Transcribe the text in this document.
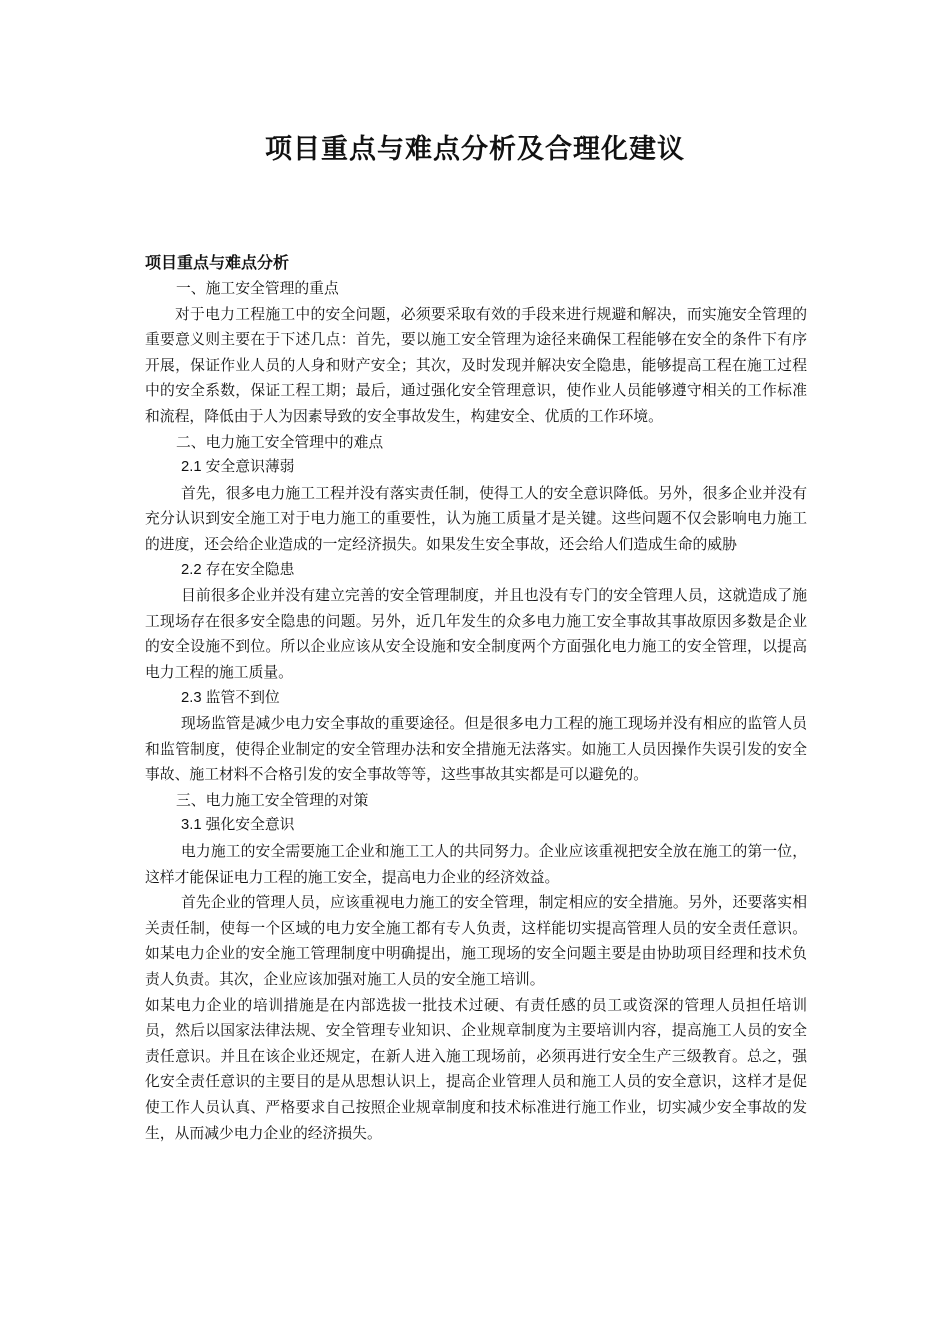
项目重点与难点分析及合理化建议

项目重点与难点分析

一、施工安全管理的重点

对于电力工程施工中的安全问题，必须要采取有效的手段来进行规避和解决，而实施安全管理的重要意义则主要在于下述几点：首先，要以施工安全管理为途径来确保工程能够在安全的条件下有序开展，保证作业人员的人身和财产安全；其次，及时发现并解决安全隐患，能够提高工程在施工过程中的安全系数，保证工程工期；最后，通过强化安全管理意识，使作业人员能够遵守相关的工作标准和流程，降低由于人为因素导致的安全事故发生，构建安全、优质的工作环境。

二、电力施工安全管理中的难点

2.1 安全意识薄弱

首先，很多电力施工工程并没有落实责任制，使得工人的安全意识降低。另外，很多企业并没有充分认识到安全施工对于电力施工的重要性，认为施工质量才是关键。这些问题不仅会影响电力施工的进度，还会给企业造成的一定经济损失。如果发生安全事故，还会给人们造成生命的威胁

2.2 存在安全隐患

目前很多企业并没有建立完善的安全管理制度，并且也没有专门的安全管理人员，这就造成了施工现场存在很多安全隐患的问题。另外，近几年发生的众多电力施工安全事故其事故原因多数是企业的安全设施不到位。所以企业应该从安全设施和安全制度两个方面强化电力施工的安全管理，以提高电力工程的施工质量。

2.3 监管不到位

现场监管是减少电力安全事故的重要途径。但是很多电力工程的施工现场并没有相应的监管人员和监管制度，使得企业制定的安全管理办法和安全措施无法落实。如施工人员因操作失误引发的安全事故、施工材料不合格引发的安全事故等等，这些事故其实都是可以避免的。

三、电力施工安全管理的对策

3.1 强化安全意识

电力施工的安全需要施工企业和施工工人的共同努力。企业应该重视把安全放在施工的第一位，这样才能保证电力工程的施工安全，提高电力企业的经济效益。

首先企业的管理人员，应该重视电力施工的安全管理，制定相应的安全措施。另外，还要落实相关责任制，使每一个区域的电力安全施工都有专人负责，这样能切实提高管理人员的安全责任意识。如某电力企业的安全施工管理制度中明确提出，施工现场的安全问题主要是由协助项目经理和技术负责人负责。其次，企业应该加强对施工人员的安全施工培训。

如某电力企业的培训措施是在内部选拔一批技术过硬、有责任感的员工或资深的管理人员担任培训员，然后以国家法律法规、安全管理专业知识、企业规章制度为主要培训内容，提高施工人员的安全责任意识。并且在该企业还规定，在新人进入施工现场前，必须再进行安全生产三级教育。总之，强化安全责任意识的主要目的是从思想认识上，提高企业管理人员和施工人员的安全意识，这样才是促使工作人员认真、严格要求自己按照企业规章制度和技术标准进行施工作业，切实减少安全事故的发生，从而减少电力企业的经济损失。
